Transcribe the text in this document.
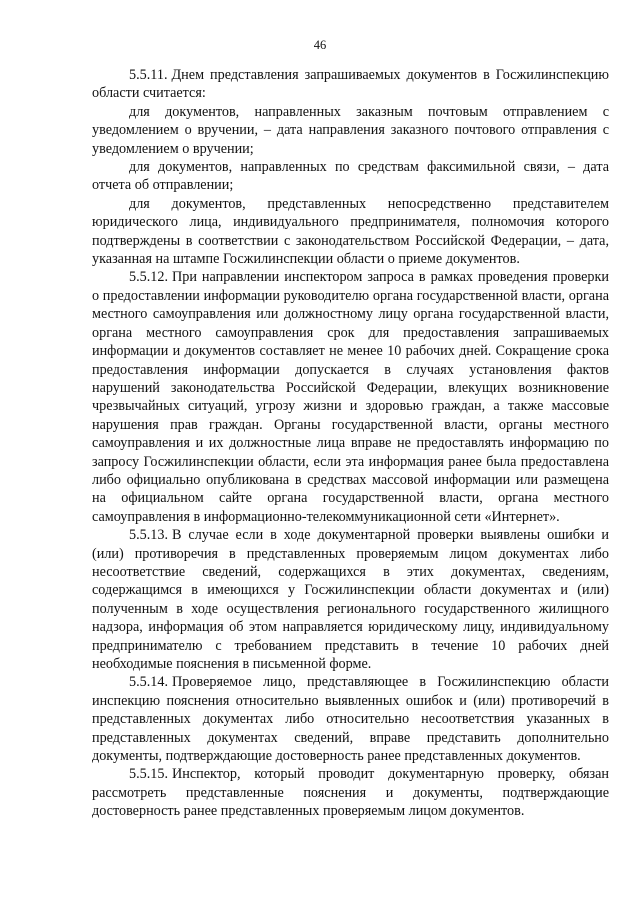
46

5.5.11. Днем представления запрашиваемых документов в Госжилинспекцию области считается:

для документов, направленных заказным почтовым отправлением с уведомлением о вручении, – дата направления заказного почтового отправления с уведомлением о вручении;

для документов, направленных по средствам факсимильной связи, – дата отчета об отправлении;

для документов, представленных непосредственно представителем юридического лица, индивидуального предпринимателя, полномочия которого подтверждены в соответствии с законодательством Российской Федерации, – дата, указанная на штампе Госжилинспекции области о приеме документов.

5.5.12. При направлении инспектором запроса в рамках проведения проверки о предоставлении информации руководителю органа государственной власти, органа местного самоуправления или должностному лицу органа государственной власти, органа местного самоуправления срок для предоставления запрашиваемых информации и документов составляет не менее 10 рабочих дней. Сокращение срока предоставления информации допускается в случаях установления фактов нарушений законодательства Российской Федерации, влекущих возникновение чрезвычайных ситуаций, угрозу жизни и здоровью граждан, а также массовые нарушения прав граждан. Органы государственной власти, органы местного самоуправления и их должностные лица вправе не предоставлять информацию по запросу Госжилинспекции области, если эта информация ранее была предоставлена либо официально опубликована в средствах массовой информации или размещена на официальном сайте органа государственной власти, органа местного самоуправления в информационно-телекоммуникационной сети «Интернет».

5.5.13. В случае если в ходе документарной проверки выявлены ошибки и (или) противоречия в представленных проверяемым лицом документах либо несоответствие сведений, содержащихся в этих документах, сведениям, содержащимся в имеющихся у Госжилинспекции области документах и (или) полученным в ходе осуществления регионального государственного жилищного надзора, информация об этом направляется юридическому лицу, индивидуальному предпринимателю с требованием представить в течение 10 рабочих дней необходимые пояснения в письменной форме.

5.5.14. Проверяемое лицо, представляющее в Госжилинспекцию области инспекцию пояснения относительно выявленных ошибок и (или) противоречий в представленных документах либо относительно несоответствия указанных в представленных документах сведений, вправе представить дополнительно документы, подтверждающие достоверность ранее представленных документов.

5.5.15. Инспектор, который проводит документарную проверку, обязан рассмотреть представленные пояснения и документы, подтверждающие достоверность ранее представленных проверяемым лицом документов.
